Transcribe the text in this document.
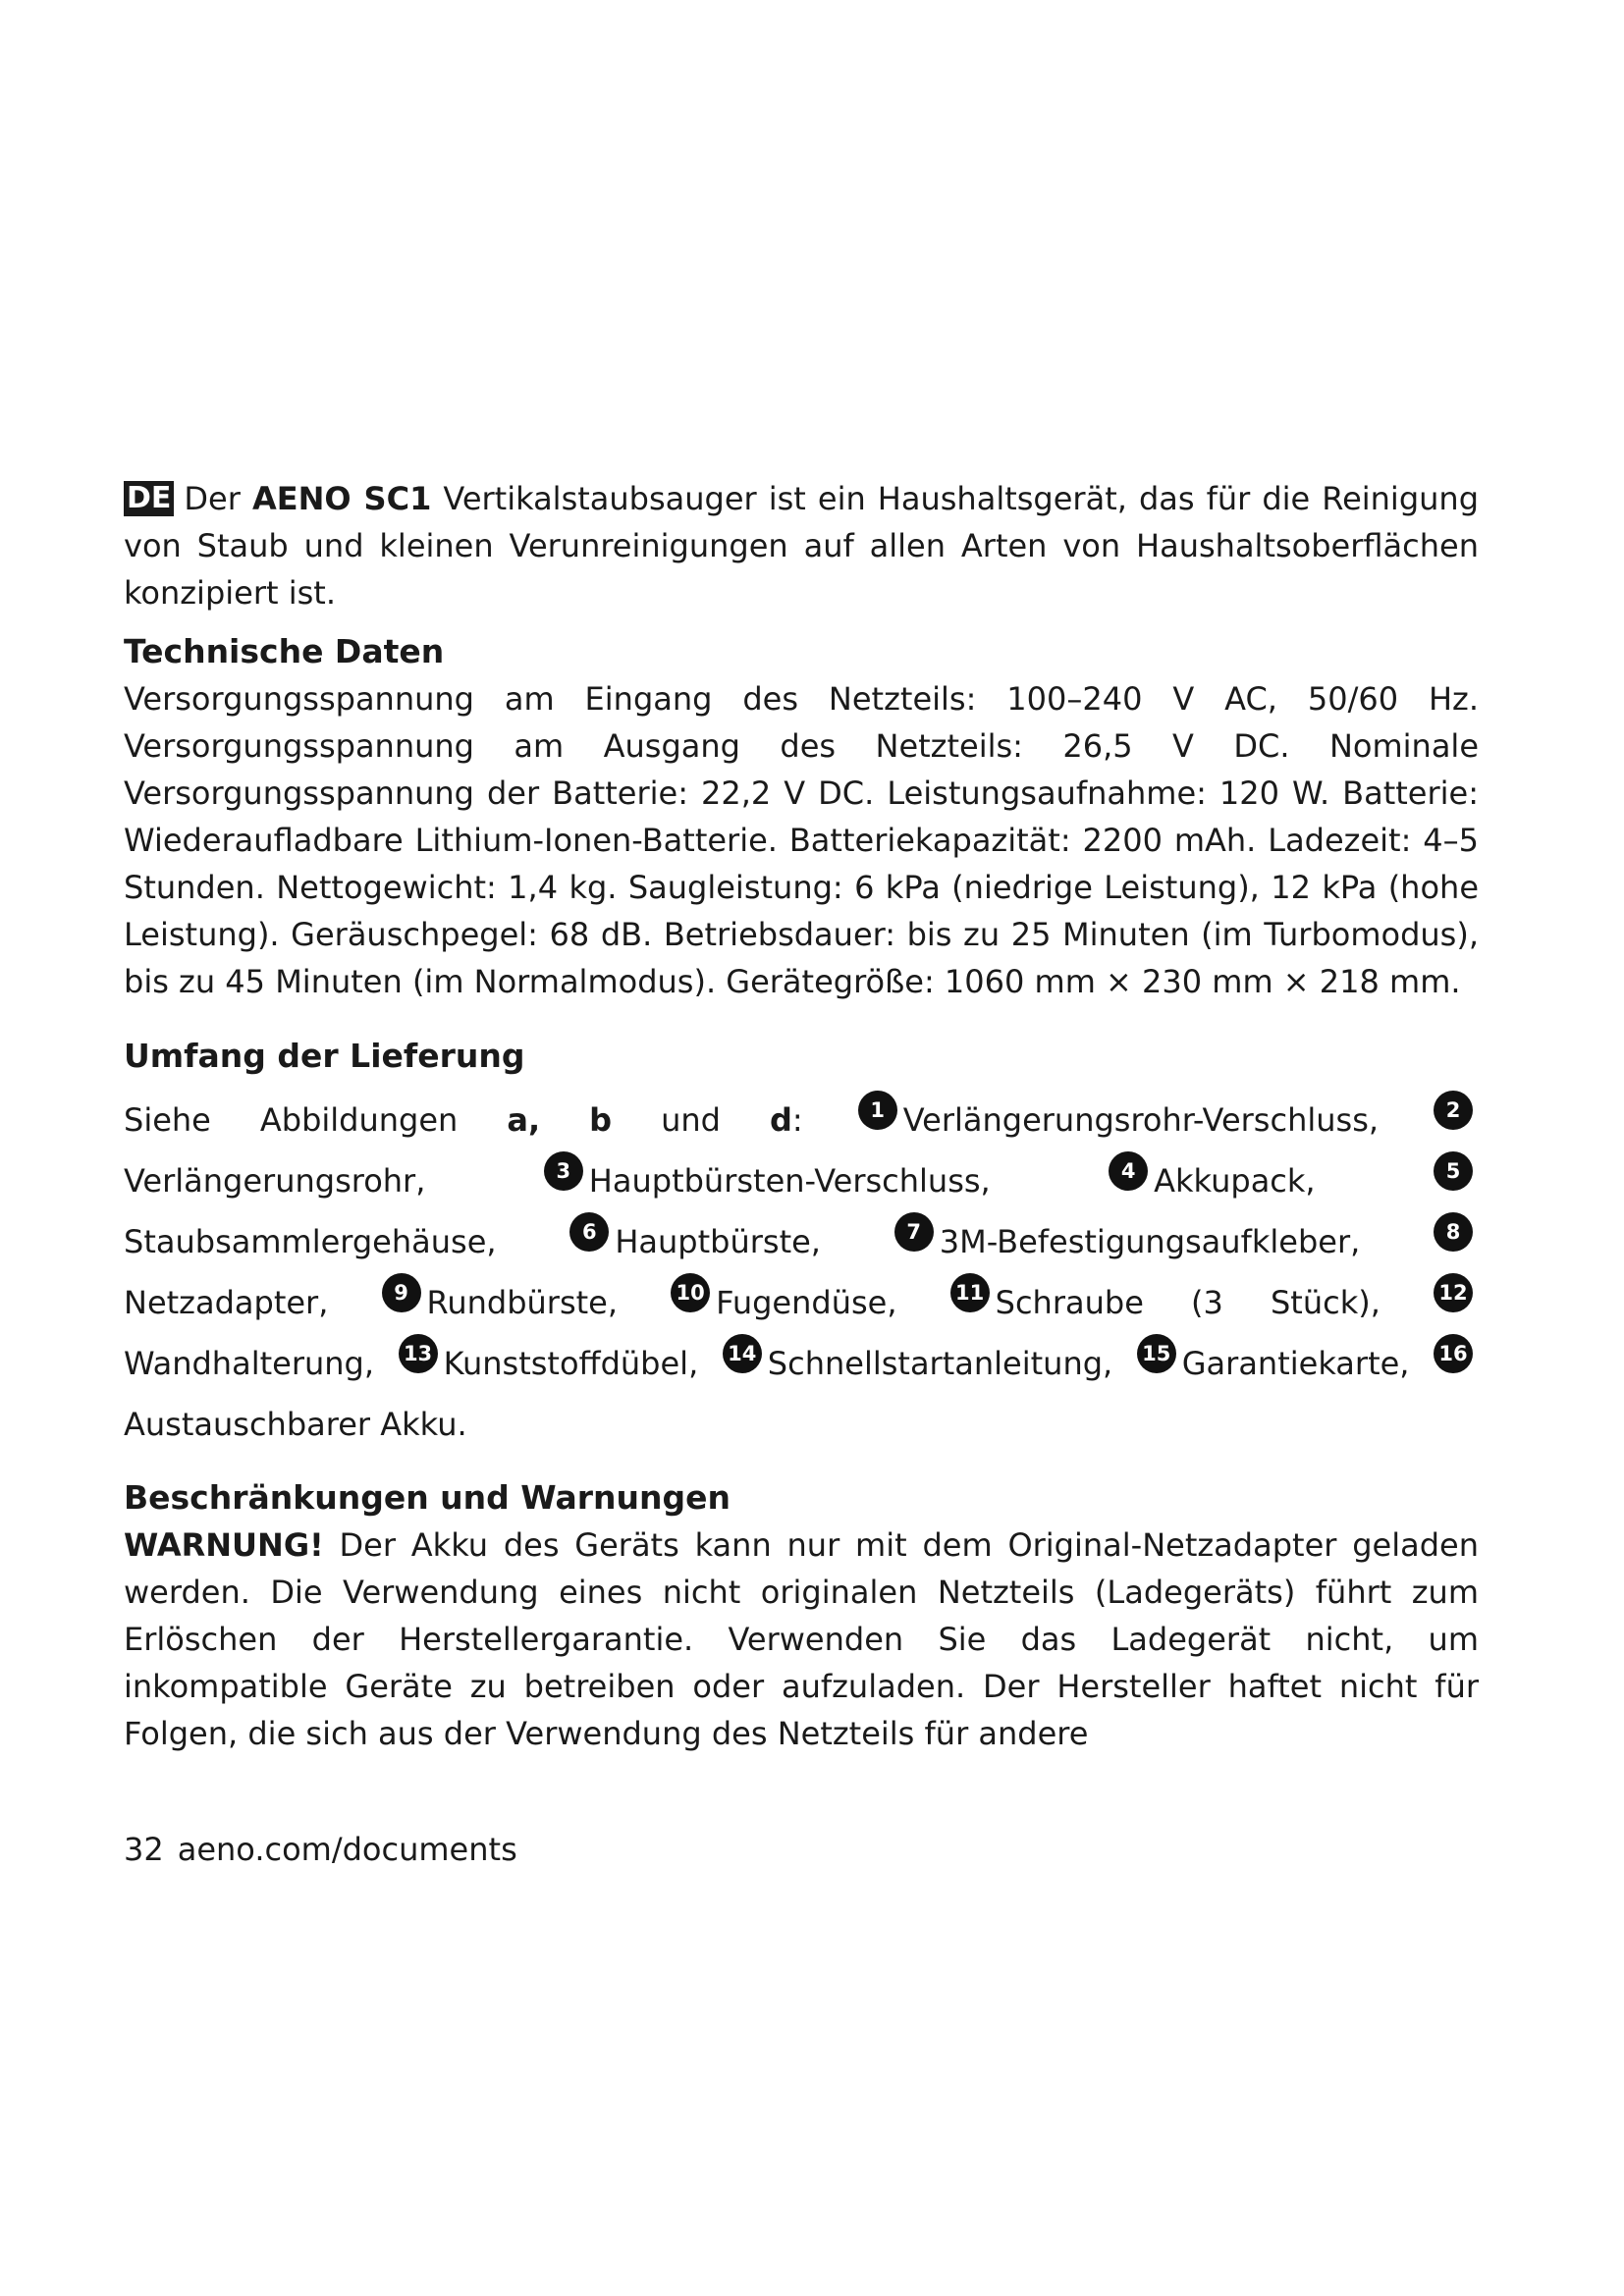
DE Der AENO SC1 Vertikalstaubsauger ist ein Haushaltsgerät, das für die Reinigung von Staub und kleinen Verunreinigungen auf allen Arten von Haushaltsoberflächen konzipiert ist.

Technische Daten

Versorgungsspannung am Eingang des Netzteils: 100–240 V AC, 50/60 Hz. Versorgungsspannung am Ausgang des Netzteils: 26,5 V DC. Nominale Versorgungsspannung der Batterie: 22,2 V DC. Leistungsaufnahme: 120 W. Batterie: Wiederaufladbare Lithium-Ionen-Batterie. Batteriekapazität: 2200 mAh. Ladezeit: 4–5 Stunden. Nettogewicht: 1,4 kg. Saugleistung: 6 kPa (niedrige Leistung), 12 kPa (hohe Leistung). Geräuschpegel: 68 dB. Betriebsdauer: bis zu 25 Minuten (im Turbomodus), bis zu 45 Minuten (im Normalmodus). Gerätegröße: 1060 mm × 230 mm × 218 mm.

Umfang der Lieferung

Siehe Abbildungen a, b und d:	1 Verlängerungsrohr-Verschluss,	2Verlängerungsrohr,	3 Hauptbürsten-Verschluss,	4 Akkupack,	5Staubsammlergehäuse,	6 Hauptbürste,	7 3M-Befestigungsaufkleber,	8Netzadapter,	9 Rundbürste,	10 Fugendüse,	11 Schraube (3 Stück),	12Wandhalterung, 13 Kunststoffdübel, 14 Schnellstartanleitung, 15 Garantiekarte, 16Austauschbarer Akku.

Beschränkungen und Warnungen

WARNUNG! Der Akku des Geräts kann nur mit dem Original-Netzadapter geladen werden. Die Verwendung eines nicht originalen Netzteils (Ladegeräts) führt zum Erlöschen der Herstellergarantie. Verwenden Sie das Ladegerät nicht, um inkompatible Geräte zu betreiben oder aufzuladen. Der Hersteller haftet nicht für Folgen, die sich aus der Verwendung des Netzteils für andere

32 aeno.com/documents
